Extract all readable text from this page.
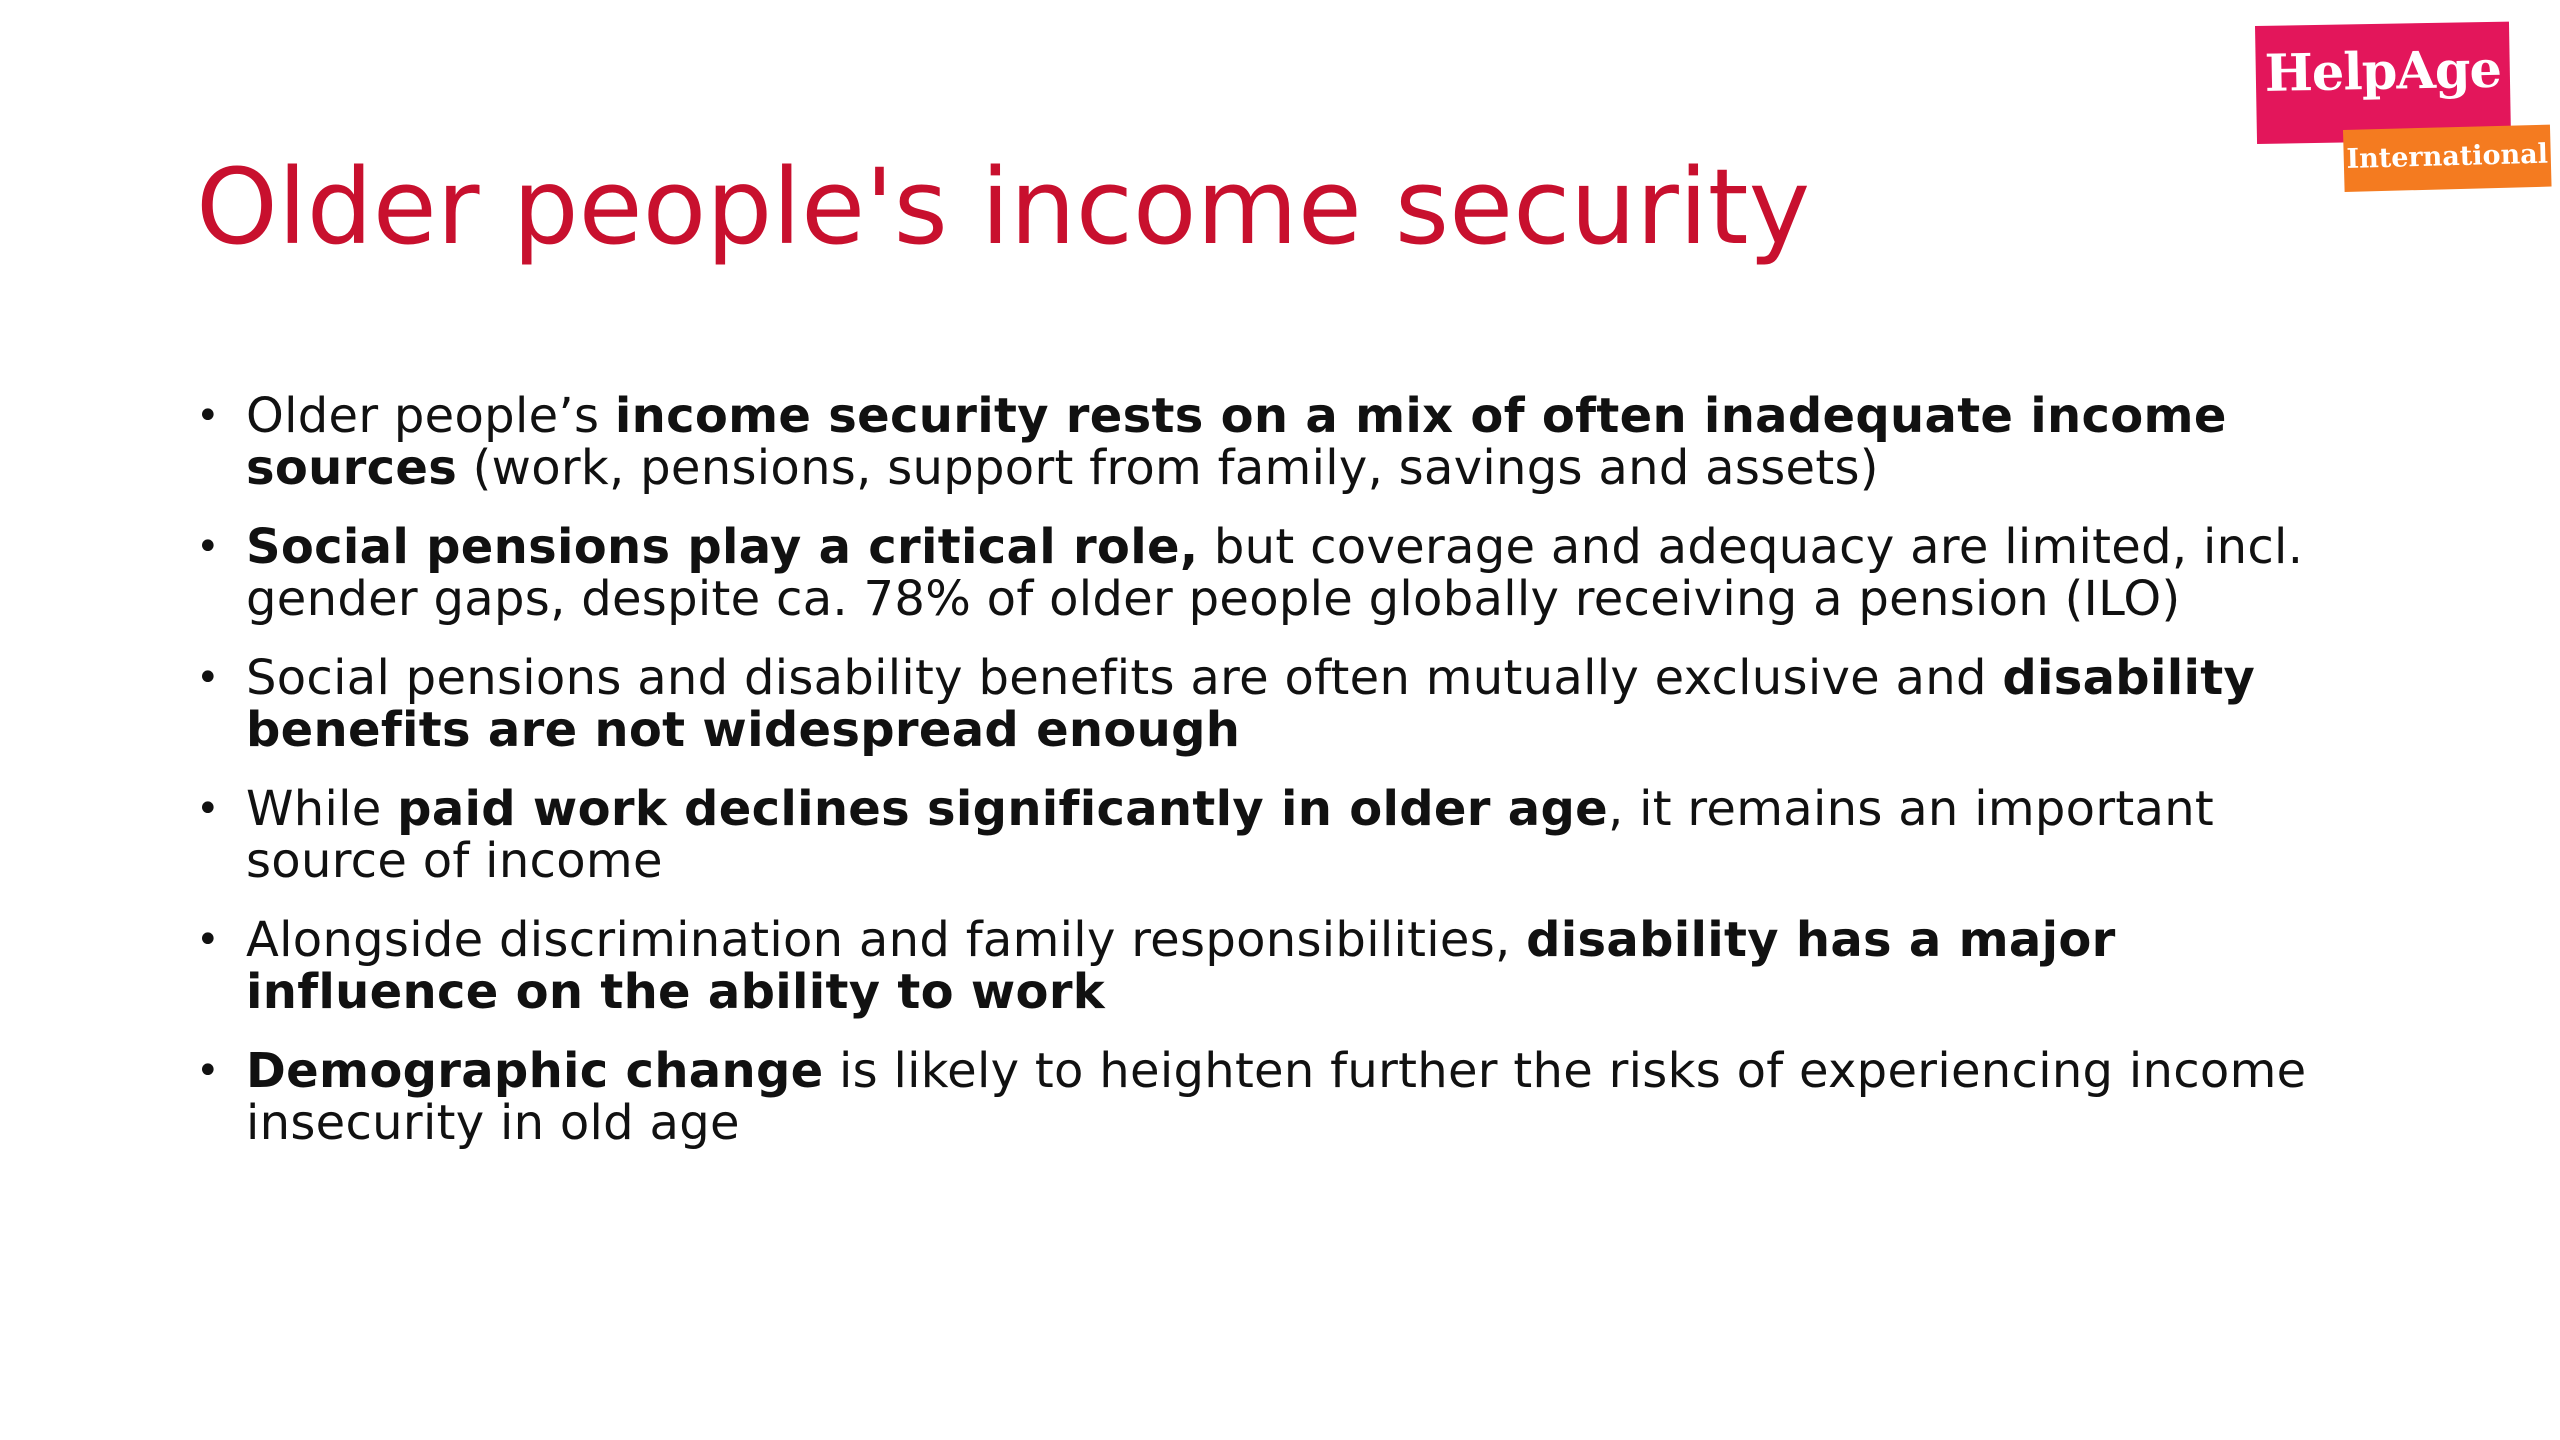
Older people's income security
HelpAge
International
• Older people’s income security rests on a mix of often inadequate income sources (work, pensions, support from family, savings and assets)
• Social pensions play a critical role, but coverage and adequacy are limited, incl. gender gaps, despite ca. 78% of older people globally receiving a pension (ILO)
• Social pensions and disability benefits are often mutually exclusive and disability benefits are not widespread enough
• While paid work declines significantly in older age, it remains an important source of income
• Alongside discrimination and family responsibilities, disability has a major influence on the ability to work
• Demographic change is likely to heighten further the risks of experiencing income insecurity in old age
